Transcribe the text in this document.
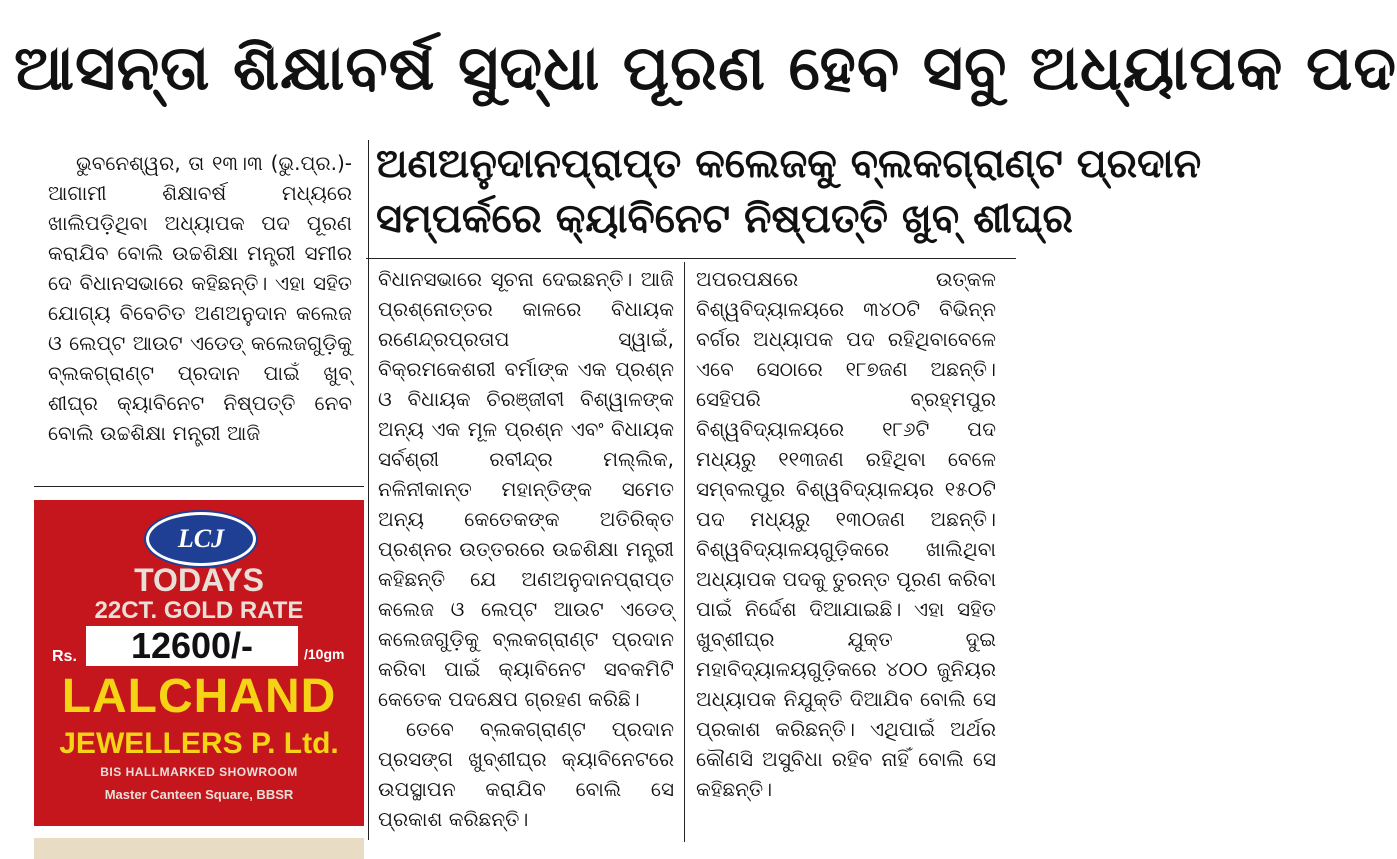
ଆସନ୍ତା ଶିକ୍ଷାବର୍ଷ ସୁଦ୍ଧା ପୂରଣ ହେବ ସବୁ ଅଧ୍ୟାପକ ପଦ
ଅଣଅନୁଦାନପ୍ରାପ୍ତ କଲେଜକୁ ବ୍ଲକଗ୍ରାଣ୍ଟ ପ୍ରଦାନ
ସମ୍ପର୍କରେ କ୍ୟାବିନେଟ ନିଷ୍ପତ୍ତି ଖୁବ୍ ଶୀଘ୍ର

ଭୁବନେଶ୍ୱର, ତା ୧୩।୩ (ଭୁ.ପ୍ର.)- ଆଗାମୀ ଶିକ୍ଷାବର୍ଷ ମଧ୍ୟରେ ଖାଲିପଡ଼ିଥିବା ଅଧ୍ୟାପକ ପଦ ପୂରଣ କରାଯିବ ବୋଲି ଉଚ୍ଚଶିକ୍ଷା ମନ୍ତ୍ରୀ ସମୀର ଦେ ବିଧାନସଭାରେ କହିଛନ୍ତି। ଏହା ସହିତ ଯୋଗ୍ୟ ବିବେଚିତ ଅଣଅନୁଦାନ କଲେଜ ଓ ଲେପ୍ଟ ଆଉଟ ଏଡେଡ୍ କଲେଜଗୁଡ଼ିକୁ ବ୍ଲକଗ୍ରାଣ୍ଟ ପ୍ରଦାନ ପାଇଁ ଖୁବ୍ ଶୀଘ୍ର କ୍ୟାବିନେଟ ନିଷ୍ପତ୍ତି ନେବ ବୋଲି ଉଚ୍ଚଶିକ୍ଷା ମନ୍ତ୍ରୀ ଆଜି

ବିଧାନସଭାରେ ସୂଚନା ଦେଇଛନ୍ତି। ଆଜି ପ୍ରଶ୍ନୋତ୍ତର କାଳରେ ବିଧାୟକ ରଣେନ୍ଦ୍ରପ୍ରତାପ ସ୍ୱାଇଁ, ବିକ୍ରମକେଶରୀ ବର୍ମାଙ୍କ ଏକ ପ୍ରଶ୍ନ ଓ ବିଧାୟକ ଚିରଞ୍ଜୀବୀ ବିଶ୍ୱାଳଙ୍କ ଅନ୍ୟ ଏକ ମୂଳ ପ୍ରଶ୍ନ ଏବଂ ବିଧାୟକ ସର୍ବଶ୍ରୀ ରବୀନ୍ଦ୍ର ମଲ୍ଲିକ, ନଳିନୀକାନ୍ତ ମହାନ୍ତିଙ୍କ ସମେତ ଅନ୍ୟ କେତେକଙ୍କ ଅତିରିକ୍ତ ପ୍ରଶ୍ନର ଉତ୍ତରରେ ଉଚ୍ଚଶିକ୍ଷା ମନ୍ତ୍ରୀ କହିଛନ୍ତି ଯେ ଅଣଅନୁଦାନପ୍ରାପ୍ତ କଲେଜ ଓ ଲେପ୍ଟ ଆଉଟ ଏଡେଡ୍ କଲେଜଗୁଡ଼ିକୁ ବ୍ଲକଗ୍ରାଣ୍ଟ ପ୍ରଦାନ କରିବା ପାଇଁ କ୍ୟାବିନେଟ ସବକମିଟି କେତେକ ପଦକ୍ଷେପ ଗ୍ରହଣ କରିଛି।

ତେବେ ବ୍ଲକଗ୍ରାଣ୍ଟ ପ୍ରଦାନ ପ୍ରସଙ୍ଗ ଖୁବ୍ଶୀଘ୍ର କ୍ୟାବିନେଟରେ ଉପସ୍ଥାପନ କରାଯିବ ବୋଲି ସେ ପ୍ରକାଶ କରିଛନ୍ତି।

ଅପରପକ୍ଷରେ ଉତ୍କଳ ବିଶ୍ୱବିଦ୍ୟାଳୟରେ ୩୪୦ଟି ବିଭିନ୍ନ ବର୍ଗର ଅଧ୍ୟାପକ ପଦ ରହିଥିବାବେଳେ ଏବେ ସେଠାରେ ୧୮୭ଜଣ ଅଛନ୍ତି। ସେହିପରି ବ୍ରହ୍ମପୁର ବିଶ୍ୱବିଦ୍ୟାଳୟରେ ୧୮୬ଟି ପଦ ମଧ୍ୟରୁ ୧୧୩ଜଣ ରହିଥିବା ବେଳେ ସମ୍ବଲପୁର ବିଶ୍ୱବିଦ୍ୟାଳୟର ୧୫୦ଟି ପଦ ମଧ୍ୟରୁ ୧୩୦ଜଣ ଅଛନ୍ତି। ବିଶ୍ୱବିଦ୍ୟାଳୟଗୁଡ଼ିକରେ ଖାଲିଥିବା ଅଧ୍ୟାପକ ପଦକୁ ତୁରନ୍ତ ପୂରଣ କରିବା ପାଇଁ ନିର୍ଦ୍ଦେଶ ଦିଆଯାଇଛି। ଏହା ସହିତ ଖୁବ୍ଶୀଘ୍ର ଯୁକ୍ତ ଦୁଇ ମହାବିଦ୍ୟାଳୟଗୁଡ଼ିକରେ ୪୦୦ ଜୁନିୟର ଅଧ୍ୟାପକ ନିଯୁକ୍ତି ଦିଆଯିବ ବୋଲି ସେ ପ୍ରକାଶ କରିଛନ୍ତି। ଏଥିପାଇଁ ଅର୍ଥର କୌଣସି ଅସୁବିଧା ରହିବ ନାହିଁ ବୋଲି ସେ କହିଛନ୍ତି।

LCJ
TODAYS
22CT. GOLD RATE
Rs.	12600/-	/10gm
LALCHAND
JEWELLERS P. Ltd.
BIS HALLMARKED SHOWROOM
Master Canteen Square, BBSR
